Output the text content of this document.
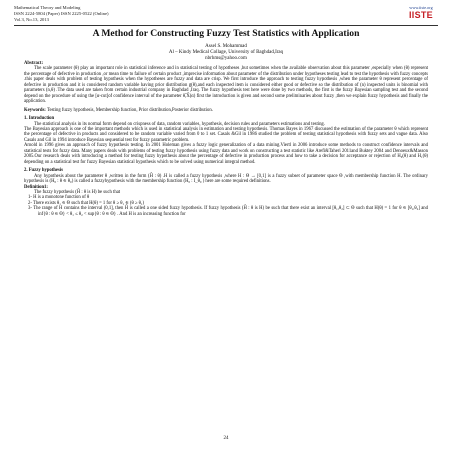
Mathematical Theory and Modeling
ISSN 2224-5804 (Paper) ISSN 2225-0522 (Online)
Vol.3, No.13, 2013
www.iiste.org
IISTE
A Method for Constructing Fuzzy Test Statistics with Application
Assel S. Mohammad
Al – Kindy Medical Collage, University of Baghdad,Iraq
nbrhms@yahoo.com

Abstract:

The scale parameter (θ) play an important role in statistical inference and in statistical testing of hypotheses ,but sometimes when the available observation about this parameter ,especially when (θ) represent the percentage of defective in production ,or mean time to failure of certain product ,imprecise information about parameter of the distribution under hypotheses testing lead to test the hypothesis with fuzzy concepts .this paper deals with problem of testing hypothesis when the hypotheses are fuzzy and data are crisp. We first introduce the approach to testing fuzzy hypothesis ,when the parameter θ represent percentage of defective in production and it is considered random variable having prior distribution g(θ),and each inspected item is considered either good or defective so the distribution of (n) inspected units is binomial with parameters (n,θ) .The data used are taken from certain industrial company in Baghdad ,Iraq. The fuzzy hypothesis test here were done by two methods, the first is the fuzzy Bayesian sampling test and the second depend on the procedure of using the [α-cut]of confidence interval of the parameter θ̃,X̃(α) first the introduction is given and second some preliminaries about fuzzy ,then we explain fuzzy hypothesis and finally the application.

Keywords: Testing fuzzy hypothesis, Membership function, Prior distribution,Posterior distribution.

1. Introduction

The statistical analysis in its normal form depend on crispness of data, random variables, hypothesis, decision rules and parameters estimations and testing.

The Bayesian approach is one of the important methods which is used in statistical analysis in estimation and testing hypothesis. Thomas Bayes in 1967 discussed the estimation of the parameter θ which represent the percentage of defective in products and considered to be random variable varied from 0 to 1 set. Casals &Gil in 1986 studied the problem of testing statistical hypothesis with fuzzy sets and vague data. Also Casals and Gil in 1994 introduce Bayesian sequential test for fuzzy parametric problem.

Arnold in 1996 gives an approach of fuzzy hypothesis testing. In 2001 Holeman gives a fuzzy logic generalization of a data mining.Viertl in 2006 introduce some methods to construct confidence intervals and statistical tests for fuzzy data. Many papers deals with problems of testing fuzzy hypothesis using fuzzy data and work on constructing a test statistic like Arefi&Taheri 2011and Buktey 2004 and Denoeux&Masson 2005.Our research deals with introducing a method for testing fuzzy hypothesis about the percentage of defective in production process and how to take a decision for acceptance or rejection of H₀(θ) and H₁(θ) depending on a statistical test for fuzzy Bayesian statistical hypothesis which to be solved using numerical integral method.

2. Fuzzy hypothesis

Any hypothesis about the parameter θ ,written in the form (H̃ : θ) .H is called a fuzzy hypothesis ,where H : Θ → [0,1] is a fuzzy subset of parameter space Θ ,with membership function H. The ordinary hypothesis is (H₀ : θ ∈ θ₀) is called a fuzzyhypothesis with the membership function (H₀ : I_θ₀ ) here are some required definitions.

Definition1:

The fuzzy hypothesis (H̃ : θ is H) be such that

1- H is a monotone function of θ

2- There exists θ₁ ∈ Θ such that H(θ) = 1 for θ ≥ θ₁ ∈ (θ ≥ θ₁)

3- The range of H contains the interval (0,1], then H̃ is called a one sided fuzzy hypothesis. If fuzzy hypothesis (H̃ : θ is H) be such that there exist an interval [θ₁,θ₂] ⊂ Θ such that H(θ) = 1 for θ ∈ [θ₁,θ₂] and inf{θ : θ ∈ Θ} < θ₁ ≤ θ₂ < sup{θ : θ ∈ Θ} . And H is an increasing function for

24
